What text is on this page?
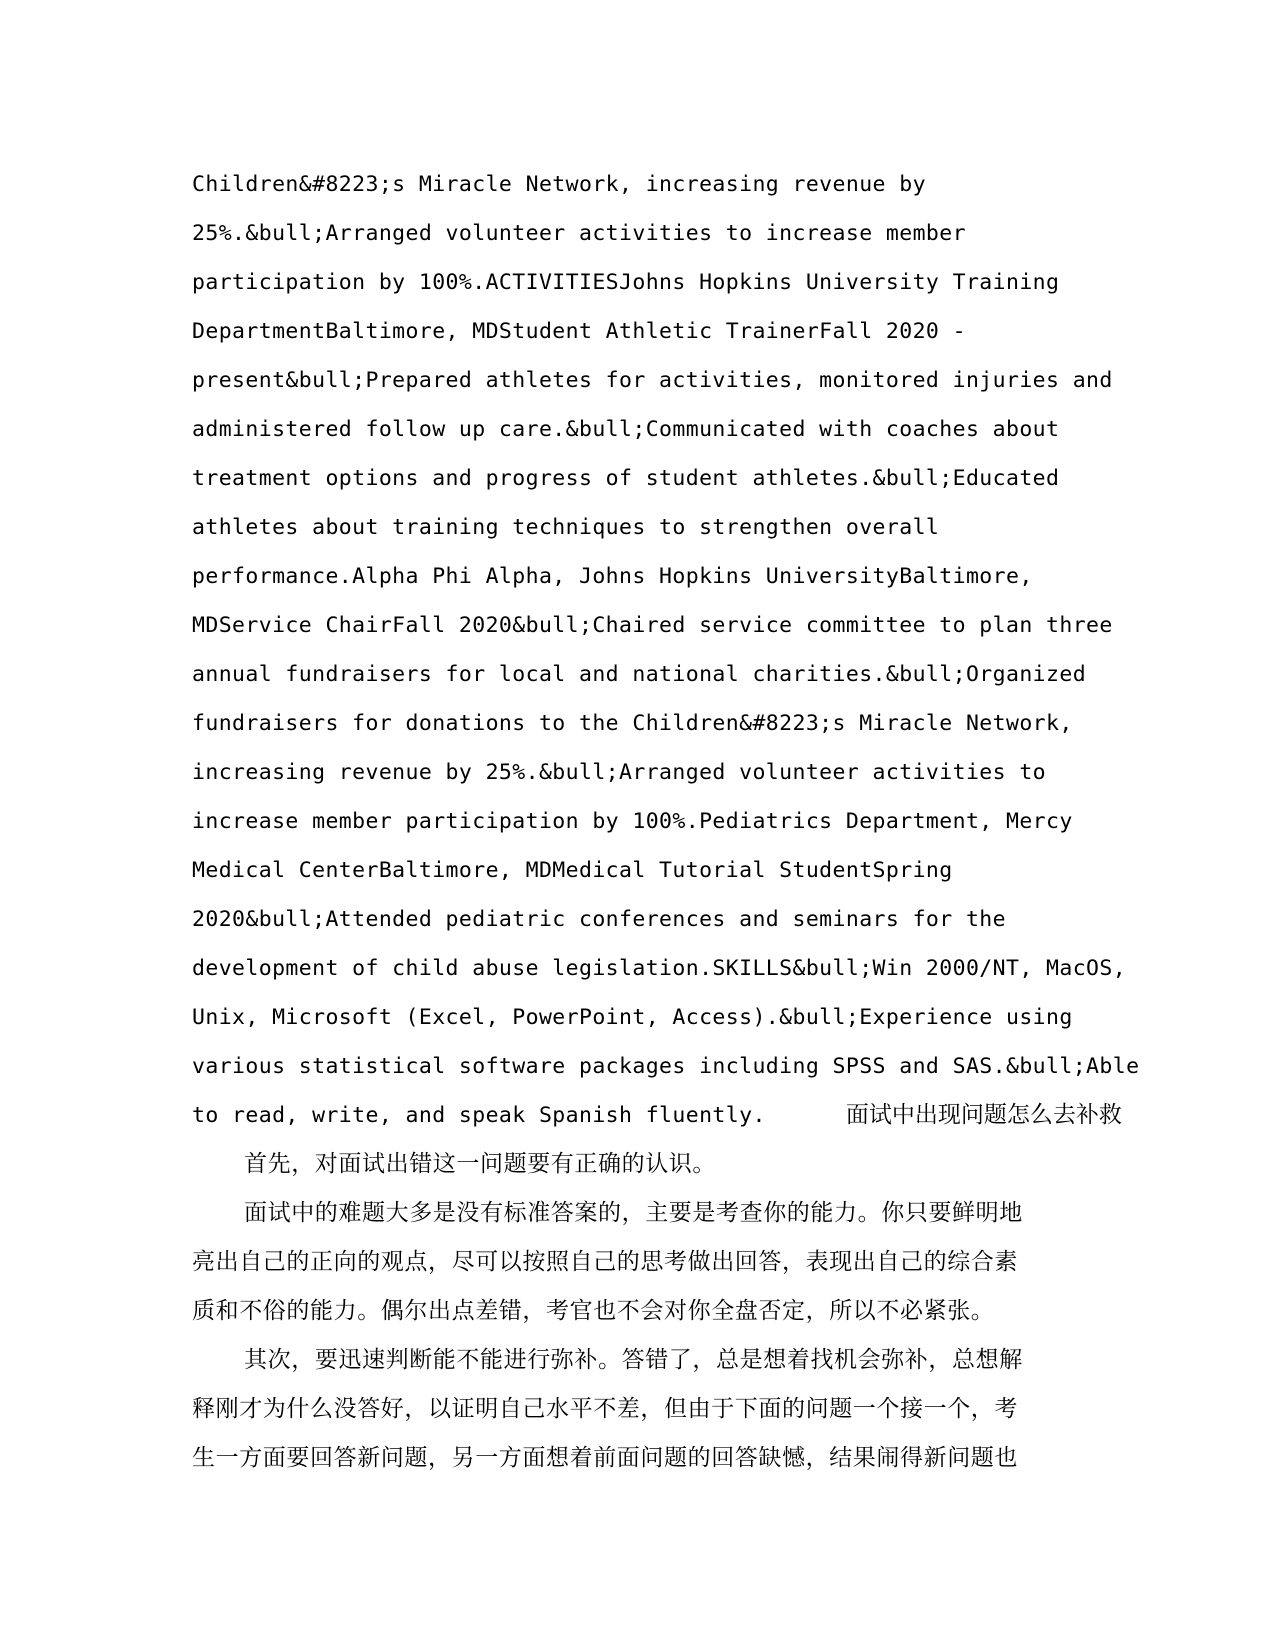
Children&#8223;s Miracle Network, increasing revenue by
25%.&bull;Arranged volunteer activities to increase member
participation by 100%.ACTIVITIESJohns Hopkins University Training
DepartmentBaltimore, MDStudent Athletic TrainerFall 2020 -
present&bull;Prepared athletes for activities, monitored injuries and
administered follow up care.&bull;Communicated with coaches about
treatment options and progress of student athletes.&bull;Educated
athletes about training techniques to strengthen overall
performance.Alpha Phi Alpha, Johns Hopkins UniversityBaltimore,
MDService ChairFall 2020&bull;Chaired service committee to plan three
annual fundraisers for local and national charities.&bull;Organized
fundraisers for donations to the Children&#8223;s Miracle Network,
increasing revenue by 25%.&bull;Arranged volunteer activities to
increase member participation by 100%.Pediatrics Department, Mercy
Medical CenterBaltimore, MDMedical Tutorial StudentSpring
2020&bull;Attended pediatric conferences and seminars for the
development of child abuse legislation.SKILLS&bull;Win 2000/NT, MacOS,
Unix, Microsoft (Excel, PowerPoint, Access).&bull;Experience using
various statistical software packages including SPSS and SAS.&bull;Able
to read, write, and speak Spanish fluently.	面试中出现问题怎么去补救
首先，对面试出错这一问题要有正确的认识。
面试中的难题大多是没有标准答案的，主要是考查你的能力。你只要鲜明地
亮出自己的正向的观点，尽可以按照自己的思考做出回答，表现出自己的综合素
质和不俗的能力。偶尔出点差错，考官也不会对你全盘否定，所以不必紧张。
其次，要迅速判断能不能进行弥补。答错了，总是想着找机会弥补，总想解
释刚才为什么没答好，以证明自己水平不差，但由于下面的问题一个接一个，考
生一方面要回答新问题，另一方面想着前面问题的回答缺憾，结果闹得新问题也
